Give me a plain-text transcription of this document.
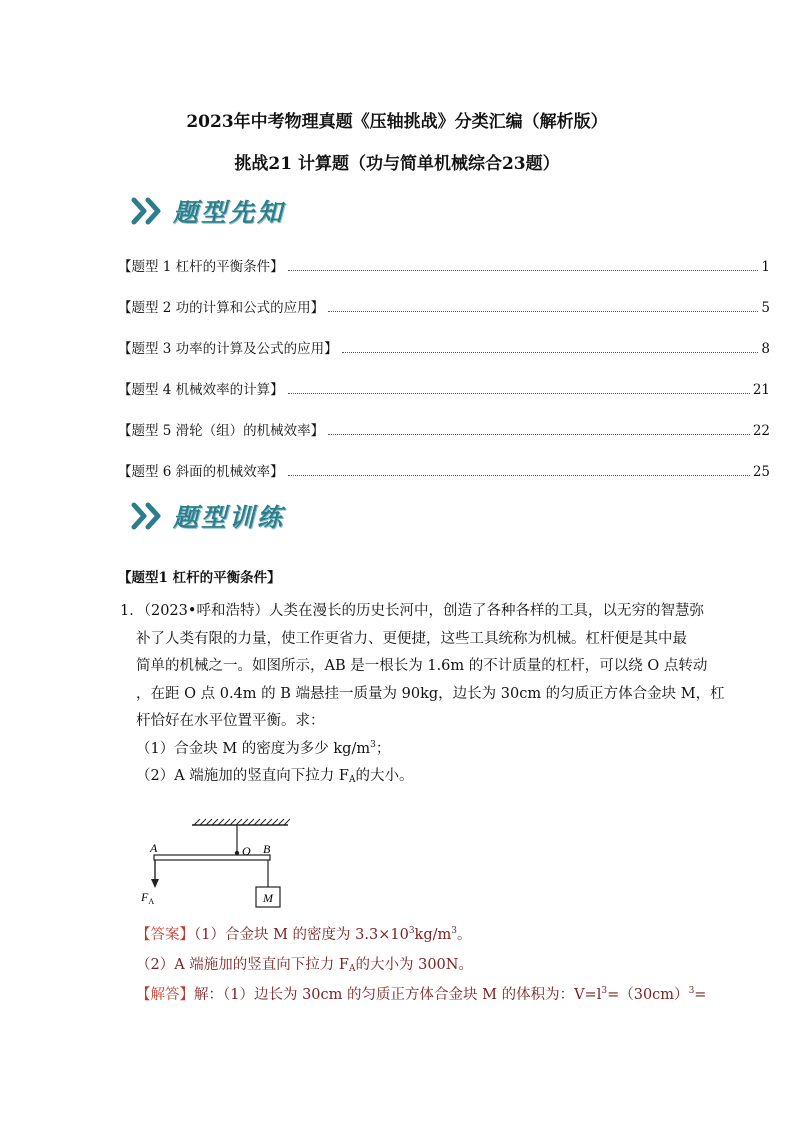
2023年中考物理真题《压轴挑战》分类汇编（解析版）
挑战21 计算题（功与简单机械综合23题）
题型先知
【题型 1 杠杆的平衡条件】	1
【题型 2 功的计算和公式的应用】	5
【题型 3 功率的计算及公式的应用】	8
【题型 4 机械效率的计算】	21
【题型 5 滑轮（组）的机械效率】	22
【题型 6 斜面的机械效率】	25
题型训练
【题型1 杠杆的平衡条件】
1．（2023•呼和浩特）人类在漫长的历史长河中，创造了各种各样的工具，以无穷的智慧弥
补了人类有限的力量，使工作更省力、更便捷，这些工具统称为机械。杠杆便是其中最
简单的机械之一。如图所示，AB 是一根长为 1.6m 的不计质量的杠杆，可以绕 O 点转动
，在距 O 点 0.4m 的 B 端悬挂一质量为 90kg，边长为 30cm 的匀质正方体合金块 M，杠
杆恰好在水平位置平衡。求：
（1）合金块 M 的密度为多少 $kg/m^3$；
（2）A 端施加的竖直向下拉力 $F_A$的大小。
A	O B
$F_A$	M
【答案】（1）合金块 M 的密度为 $3.3\times 10^3kg/m^3$。
（2）A 端施加的竖直向下拉力 $F_A$的大小为 300N。
【解答】解：（1）边长为 30cm 的匀质正方体合金块 M 的体积为：$V=l^3=(30cm)^3=$
